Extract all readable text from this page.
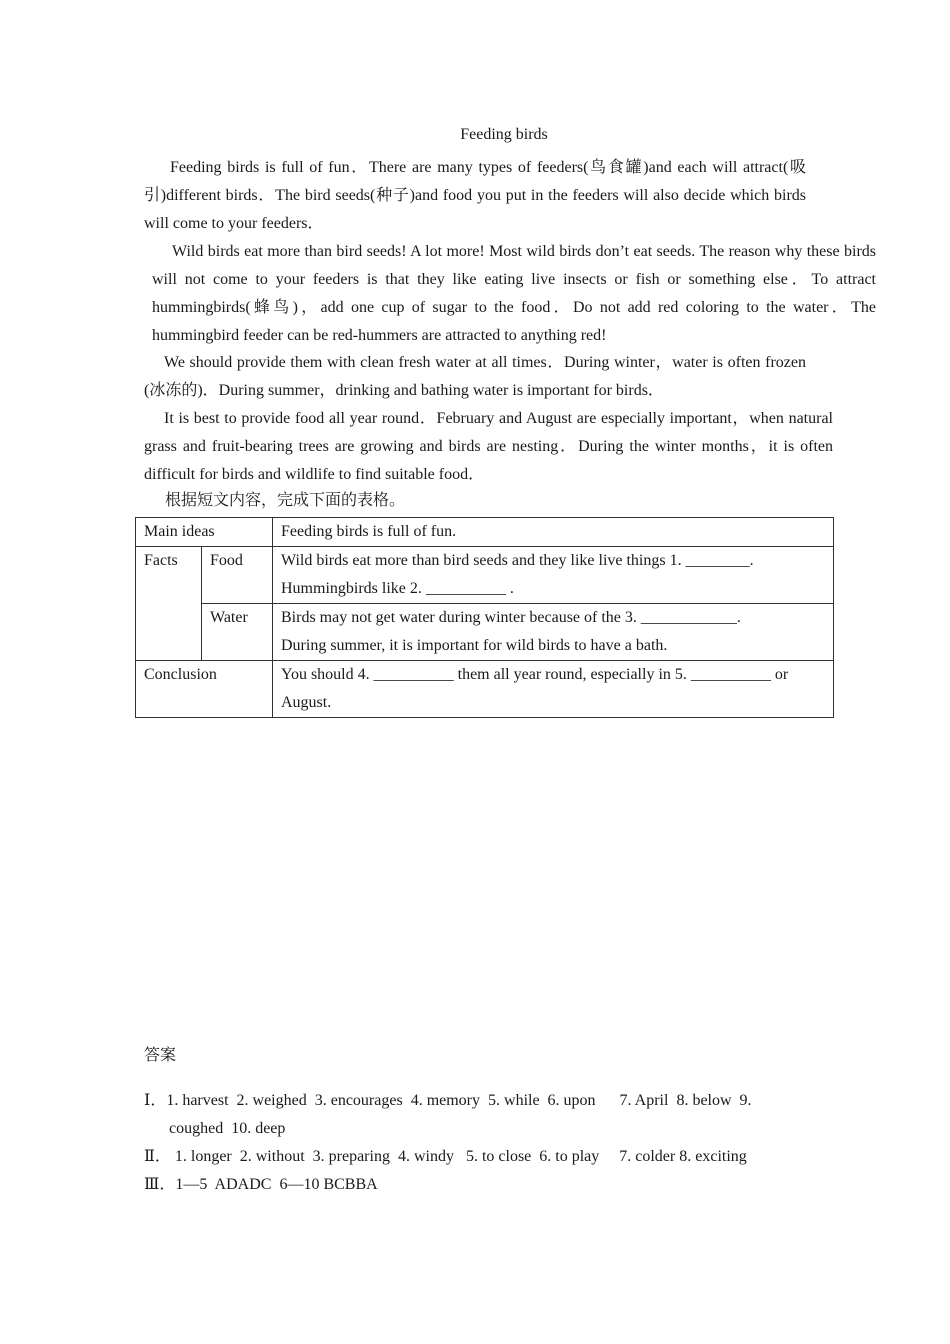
Feeding birds

Feeding birds is full of fun．There are many types of feeders(鸟食罐)and each will attract(吸引)different birds．The bird seeds(种子)and food you put in the feeders will also decide which birds will come to your feeders．

Wild birds eat more than bird seeds! A lot more! Most wild birds don’t eat seeds. The reason why these birds will not come to your feeders is that they like eating live insects or fish or something else．To attract hummingbirds(蜂鸟)，add one cup of sugar to the food．Do not add red coloring to the water．The hummingbird feeder can be red-hummers are attracted to anything red!

We should provide them with clean fresh water at all times．During winter，water is often frozen (冰冻的)．During summer，drinking and bathing water is important for birds．

It is best to provide food all year round．February and August are especially important，when natural grass and fruit-bearing trees are growing and birds are nesting．During the winter months，it is often difficult for birds and wildlife to find suitable food．

根据短文内容，完成下面的表格。
Main ideas		Feeding birds is full of fun.
Facts	Food	Wild birds eat more than bird seeds and they like live things 1. ________.
Hummingbirds like 2. __________ .

	Water	Birds may not get water during winter because of the 3. ____________.
During summer, it is important for wild birds to have a bath.

Conclusion		You should 4. __________ them all year round, especially in 5. __________ or August.
答案
Ⅰ．1. harvest  2. weighed  3. encourages  4. memory  5. while  6. upon      7. April  8. below  9.
coughed  10. deep
Ⅱ． 1. longer  2. without  3. preparing  4. windy   5. to close  6. to play     7. colder 8. exciting
Ⅲ．1—5  ADADC  6—10 BCBBA
